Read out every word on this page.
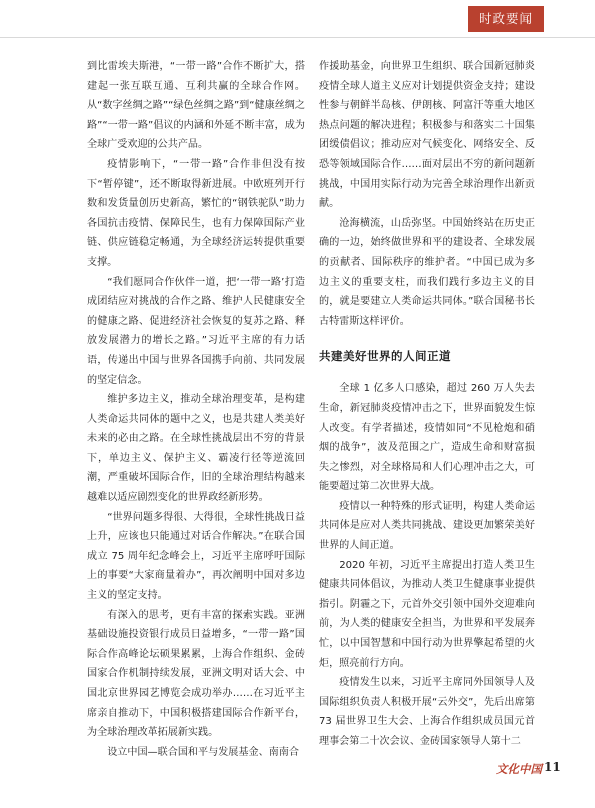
时政要闻

到比雷埃夫斯港，“一带一路”合作不断扩大，搭建起一张互联互通、互利共赢的全球合作网。从“数字丝绸之路”“绿色丝绸之路”到“健康丝绸之路”“一带一路”倡议的内涵和外延不断丰富，成为全球广受欢迎的公共产品。

疫情影响下，“一带一路”合作非但没有按下“暂停键”，还不断取得新进展。中欧班列开行数和发货量创历史新高，繁忙的“钢铁驼队”助力各国抗击疫情、保障民生，也有力保障国际产业链、供应链稳定畅通，为全球经济运转提供重要支撑。

“我们愿同合作伙伴一道，把‘一带一路’打造成团结应对挑战的合作之路、维护人民健康安全的健康之路、促进经济社会恢复的复苏之路、释放发展潜力的增长之路。”习近平主席的有力话语，传递出中国与世界各国携手向前、共同发展的坚定信念。

维护多边主义，推动全球治理变革，是构建人类命运共同体的题中之义，也是共建人类美好未来的必由之路。在全球性挑战层出不穷的背景下，单边主义、保护主义、霸凌行径等逆流回潮，严重破坏国际合作，旧的全球治理结构越来越难以适应剧烈变化的世界政经新形势。

“世界问题多得很、大得很，全球性挑战日益上升，应该也只能通过对话合作解决。”在联合国成立 75 周年纪念峰会上，习近平主席呼吁国际上的事要“大家商量着办”，再次阐明中国对多边主义的坚定支持。

有深入的思考，更有丰富的探索实践。亚洲基础设施投资银行成员日益增多，“一带一路”国际合作高峰论坛硕果累累，上海合作组织、金砖国家合作机制持续发展，亚洲文明对话大会、中国北京世界园艺博览会成功举办……在习近平主席亲自推动下，中国积极搭建国际合作新平台，为全球治理改革拓展新实践。

设立中国—联合国和平与发展基金、南南合

作援助基金，向世界卫生组织、联合国新冠肺炎疫情全球人道主义应对计划提供资金支持；建设性参与朝鲜半岛核、伊朗核、阿富汗等重大地区热点问题的解决进程；积极参与和落实二十国集团缓债倡议；推动应对气候变化、网络安全、反恐等领域国际合作……面对层出不穷的新问题新挑战，中国用实际行动为完善全球治理作出新贡献。

沧海横流，山岳弥坚。中国始终站在历史正确的一边，始终做世界和平的建设者、全球发展的贡献者、国际秩序的维护者。“中国已成为多边主义的重要支柱，而我们践行多边主义的目的，就是要建立人类命运共同体。”联合国秘书长古特雷斯这样评价。

共建美好世界的人间正道

全球 1 亿多人口感染，超过 260 万人失去生命，新冠肺炎疫情冲击之下，世界面貌发生惊人改变。有学者描述，疫情如同“不见枪炮和硝烟的战争”，波及范围之广，造成生命和财富损失之惨烈，对全球格局和人们心理冲击之大，可能要超过第二次世界大战。

疫情以一种特殊的形式证明，构建人类命运共同体是应对人类共同挑战、建设更加繁荣美好世界的人间正道。

2020 年初，习近平主席提出打造人类卫生健康共同体倡议，为推动人类卫生健康事业提供指引。阴霾之下，元首外交引领中国外交迎难向前，为人类的健康安全担当，为世界和平发展奔忙，以中国智慧和中国行动为世界擎起希望的火炬，照亮前行方向。

疫情发生以来，习近平主席同外国领导人及国际组织负责人积极开展“云外交”，先后出席第 73 届世界卫生大会、上海合作组织成员国元首理事会第二十次会议、金砖国家领导人第十二

文化中国 11
